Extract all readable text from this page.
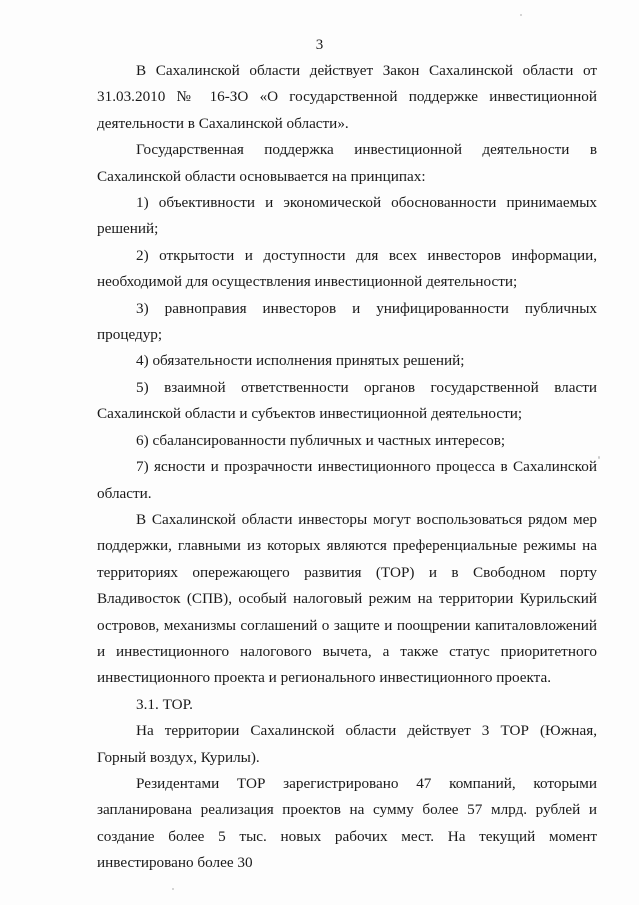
3

В Сахалинской области действует Закон Сахалинской области от 31.03.2010 № 16-ЗО «О государственной поддержке инвестиционной деятельности в Сахалинской области».

Государственная поддержка инвестиционной деятельности в Сахалинской области основывается на принципах:

1) объективности и экономической обоснованности принимаемых решений;

2) открытости и доступности для всех инвесторов информации, необходимой для осуществления инвестиционной деятельности;

3) равноправия инвесторов и унифицированности публичных процедур;

4) обязательности исполнения принятых решений;

5) взаимной ответственности органов государственной власти Сахалинской области и субъектов инвестиционной деятельности;

6) сбалансированности публичных и частных интересов;

7) ясности и прозрачности инвестиционного процесса в Сахалинской области.

В Сахалинской области инвесторы могут воспользоваться рядом мер поддержки, главными из которых являются преференциальные режимы на территориях опережающего развития (ТОР) и в Свободном порту Владивосток (СПВ), особый налоговый режим на территории Курильский островов, механизмы соглашений о защите и поощрении капиталовложений и инвестиционного налогового вычета, а также статус приоритетного инвестиционного проекта и регионального инвестиционного проекта.

3.1. ТОР.

На территории Сахалинской области действует 3 ТОР (Южная, Горный воздух, Курилы).

Резидентами ТОР зарегистрировано 47 компаний, которыми запланирована реализация проектов на сумму более 57 млрд. рублей и создание более 5 тыс. новых рабочих мест. На текущий момент инвестировано более 30
